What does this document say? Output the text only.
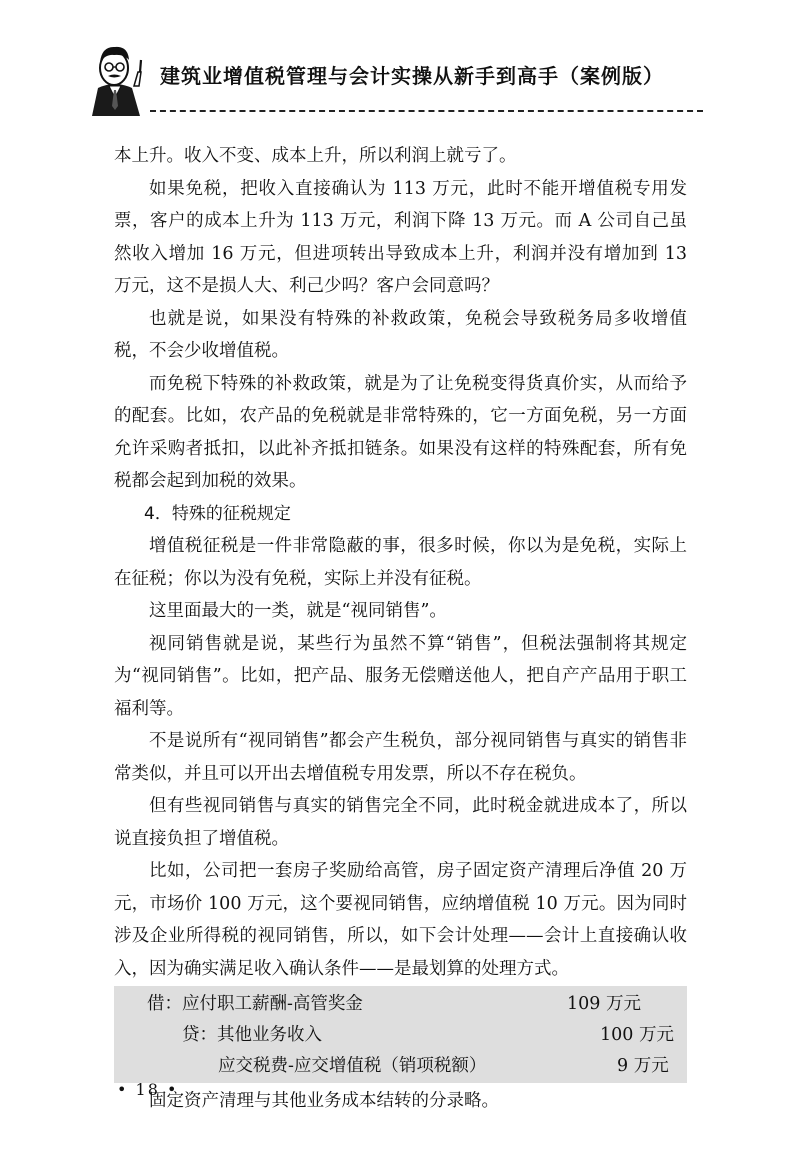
建筑业增值税管理与会计实操从新手到高手（案例版）

本上升。收入不变、成本上升，所以利润上就亏了。

如果免税，把收入直接确认为 113 万元，此时不能开增值税专用发票，客户的成本上升为 113 万元，利润下降 13 万元。而 A 公司自己虽然收入增加 16 万元，但进项转出导致成本上升，利润并没有增加到 13 万元，这不是损人大、利己少吗？客户会同意吗？

也就是说，如果没有特殊的补救政策，免税会导致税务局多收增值税，不会少收增值税。

而免税下特殊的补救政策，就是为了让免税变得货真价实，从而给予的配套。比如，农产品的免税就是非常特殊的，它一方面免税，另一方面允许采购者抵扣，以此补齐抵扣链条。如果没有这样的特殊配套，所有免税都会起到加税的效果。

4．特殊的征税规定

增值税征税是一件非常隐蔽的事，很多时候，你以为是免税，实际上在征税；你以为没有免税，实际上并没有征税。

这里面最大的一类，就是“视同销售”。

视同销售就是说，某些行为虽然不算“销售”，但税法强制将其规定为“视同销售”。比如，把产品、服务无偿赠送他人，把自产产品用于职工福利等。

不是说所有“视同销售”都会产生税负，部分视同销售与真实的销售非常类似，并且可以开出去增值税专用发票，所以不存在税负。

但有些视同销售与真实的销售完全不同，此时税金就进成本了，所以说直接负担了增值税。

比如，公司把一套房子奖励给高管，房子固定资产清理后净值 20 万元，市场价 100 万元，这个要视同销售，应纳增值税 10 万元。因为同时涉及企业所得税的视同销售，所以，如下会计处理——会计上直接确认收入，因为确实满足收入确认条件——是最划算的处理方式。

借：应付职工薪酬-高管奖金	109 万元
贷：其他业务收入	100 万元
应交税费-应交增值税（销项税额）	9 万元

固定资产清理与其他业务成本结转的分录略。

• 18 •
